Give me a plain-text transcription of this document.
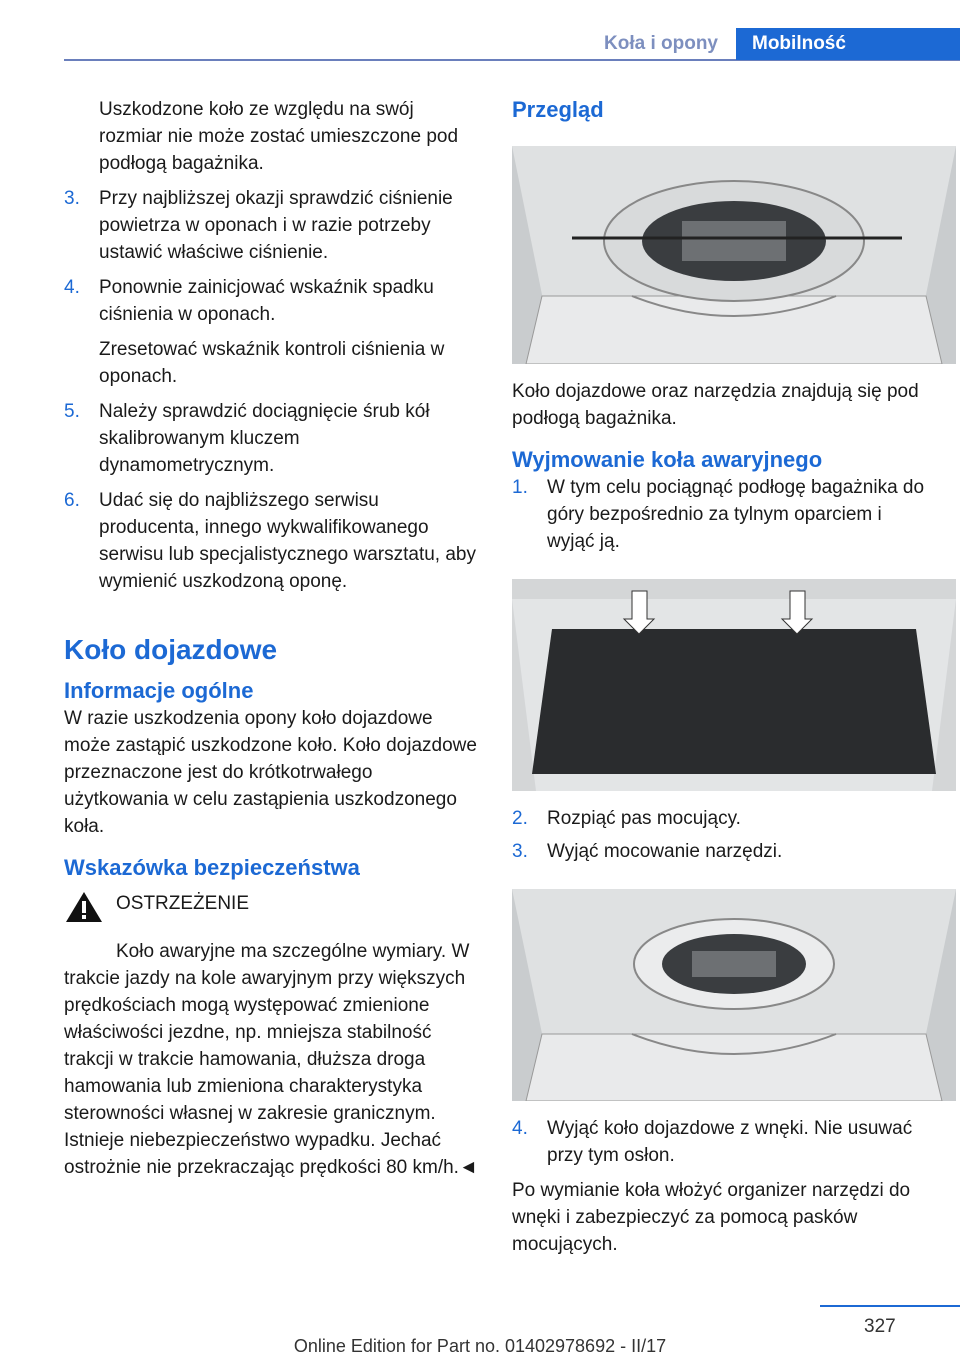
Koła i opony	Mobilność
Uszkodzone koło ze względu na swój rozmiar nie może zostać umieszczone pod podłogą bagażnika.
3.	Przy najbliższej okazji sprawdzić ciśnienie powietrza w oponach i w razie potrzeby ustawić właściwe ciśnienie.
4.	Ponownie zainicjować wskaźnik spadku ciśnienia w oponach.
Zresetować wskaźnik kontroli ciśnienia w oponach.
5.	Należy sprawdzić dociągnięcie śrub kół skalibrowanym kluczem dynamometrycznym.
6.	Udać się do najbliższego serwisu producenta, innego wykwalifikowanego serwisu lub specjalistycznego warsztatu, aby wymienić uszkodzoną oponę.
Koło dojazdowe
Informacje ogólne
W razie uszkodzenia opony koło dojazdowe może zastąpić uszkodzone koło. Koło dojazdowe przeznaczone jest do krótkotrwałego użytkowania w celu zastąpienia uszkodzonego koła.
Wskazówka bezpieczeństwa
OSTRZEŻENIE
Koło awaryjne ma szczególne wymiary. W trakcie jazdy na kole awaryjnym przy większych prędkościach mogą występować zmienione właściwości jezdne, np. mniejsza stabilność trakcji w trakcie hamowania, dłuższa droga hamowania lub zmieniona charakterystyka sterowności własnej w zakresie granicznym. Istnieje niebezpieczeństwo wypadku. Jechać ostrożnie nie przekraczając prędkości 80 km/h.◄
Przegląd
Koło dojazdowe oraz narzędzia znajdują się pod podłogą bagażnika.
Wyjmowanie koła awaryjnego
1.	W tym celu pociągnąć podłogę bagażnika do góry bezpośrednio za tylnym oparciem i wyjąć ją.
2.	Rozpiąć pas mocujący.
3.	Wyjąć mocowanie narzędzi.
4.	Wyjąć koło dojazdowe z wnęki. Nie usuwać przy tym osłon.
Po wymianie koła włożyć organizer narzędzi do wnęki i zabezpieczyć za pomocą pasków mocujących.
327
Online Edition for Part no. 01402978692 - II/17
